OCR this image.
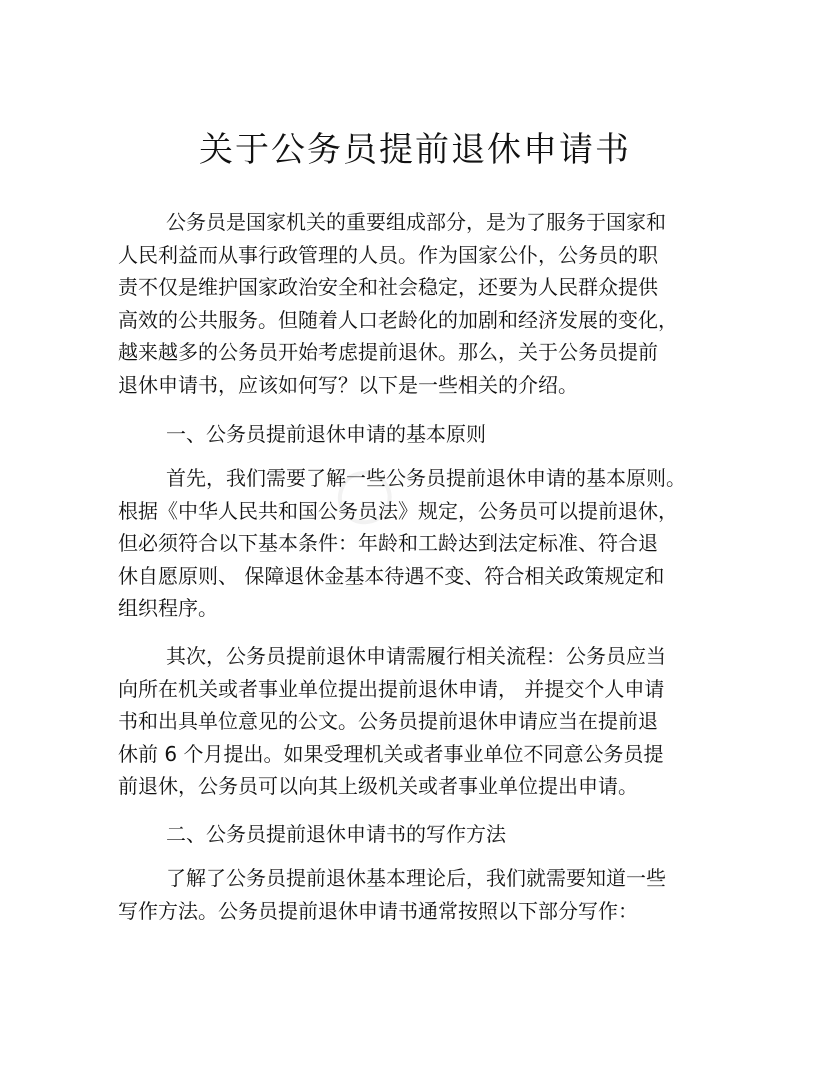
○
关于公务员提前退休申请书
公务员是国家机关的重要组成部分，是为了服务于国家和
人民利益而从事行政管理的人员。作为国家公仆，公务员的职
责不仅是维护国家政治安全和社会稳定，还要为人民群众提供
高效的公共服务。但随着人口老龄化的加剧和经济发展的变化，
越来越多的公务员开始考虑提前退休。那么，关于公务员提前
退休申请书，应该如何写？以下是一些相关的介绍。
一、公务员提前退休申请的基本原则
首先，我们需要了解一些公务员提前退休申请的基本原则。
根据《中华人民共和国公务员法》规定，公务员可以提前退休，
但必须符合以下基本条件：年龄和工龄达到法定标准、符合退
休自愿原则、 保障退休金基本待遇不变、符合相关政策规定和
组织程序。
其次，公务员提前退休申请需履行相关流程：公务员应当
向所在机关或者事业单位提出提前退休申请， 并提交个人申请
书和出具单位意见的公文。公务员提前退休申请应当在提前退
休前 6 个月提出。如果受理机关或者事业单位不同意公务员提
前退休，公务员可以向其上级机关或者事业单位提出申请。
二、公务员提前退休申请书的写作方法
了解了公务员提前退休基本理论后，我们就需要知道一些
写作方法。公务员提前退休申请书通常按照以下部分写作：
